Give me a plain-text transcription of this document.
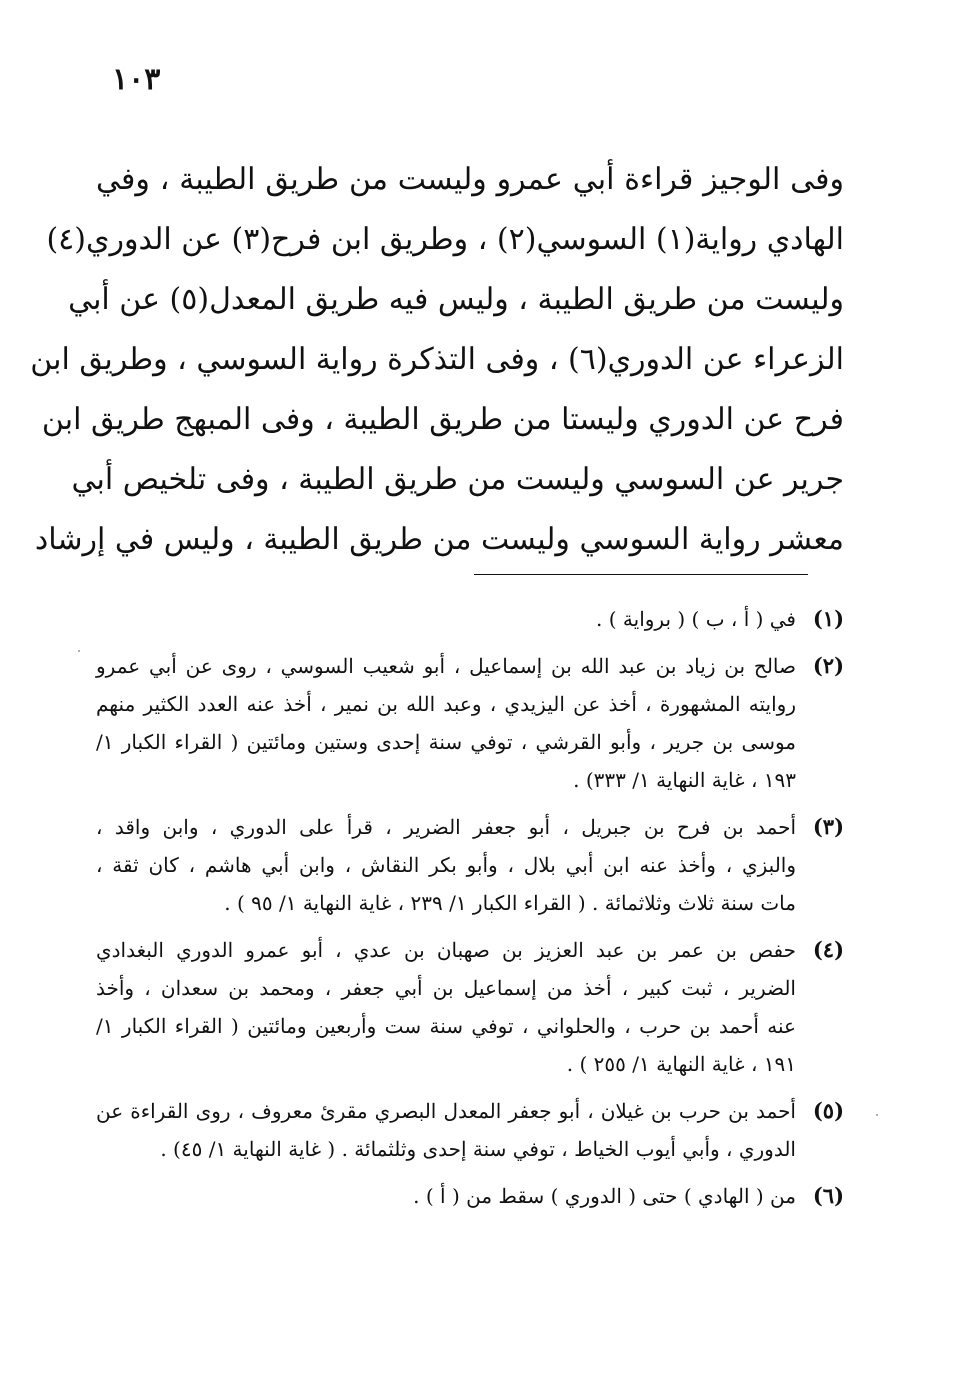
١٠٣
وفى الوجيز قراءة أبي عمرو وليست من طريق الطيبة ، وفي
الهادي رواية(١) السوسي(٢) ، وطريق ابن فرح(٣) عن الدوري(٤)
وليست من طريق الطيبة ، وليس فيه طريق المعدل(٥) عن أبي
الزعراء عن الدوري(٦) ، وفى التذكرة رواية السوسي ، وطريق ابن
فرح عن الدوري وليستا من طريق الطيبة ، وفى المبهج طريق ابن
جرير عن السوسي وليست من طريق الطيبة ، وفى تلخيص أبي
معشر رواية السوسي وليست من طريق الطيبة ، وليس في إرشاد
(١)
في ( أ ، ب ) ( برواية ) .
(٢)
صالح بن زياد بن عبد الله بن إسماعيل ، أبو شعيب السوسي ، روى عن أبي عمرو
روايته المشهورة ، أخذ عن اليزيدي ، وعبد الله بن نمير ، أخذ عنه العدد الكثير منهم
موسى بن جرير ، وأبو القرشي ، توفي سنة إحدى وستين ومائتين ( القراء الكبار ١/
١٩٣ ، غاية النهاية ١/ ٣٣٣) .
(٣)
أحمد بن فرح بن جبريل ، أبو جعفر الضرير ، قرأ على الدوري ، وابن واقد ،
والبزي ، وأخذ عنه ابن أبي بلال ، وأبو بكر النقاش ، وابن أبي هاشم ، كان ثقة ،
مات سنة ثلاث وثلاثمائة . ( القراء الكبار ١/ ٢٣٩ ، غاية النهاية ١/ ٩٥ ) .
(٤)
حفص بن عمر بن عبد العزيز بن صهبان بن عدي ، أبو عمرو الدوري البغدادي
الضرير ، ثبت كبير ، أخذ من إسماعيل بن أبي جعفر ، ومحمد بن سعدان ، وأخذ
عنه أحمد بن حرب ، والحلواني ، توفي سنة ست وأربعين ومائتين ( القراء الكبار ١/
١٩١ ، غاية النهاية ١/ ٢٥٥ ) .
(٥)
أحمد بن حرب بن غيلان ، أبو جعفر المعدل البصري مقرئ معروف ، روى القراءة عن
الدوري ، وأبي أيوب الخياط ، توفي سنة إحدى وثلثمائة . ( غاية النهاية ١/ ٤٥) .
(٦)
من ( الهادي ) حتى ( الدوري ) سقط من ( أ ) .
